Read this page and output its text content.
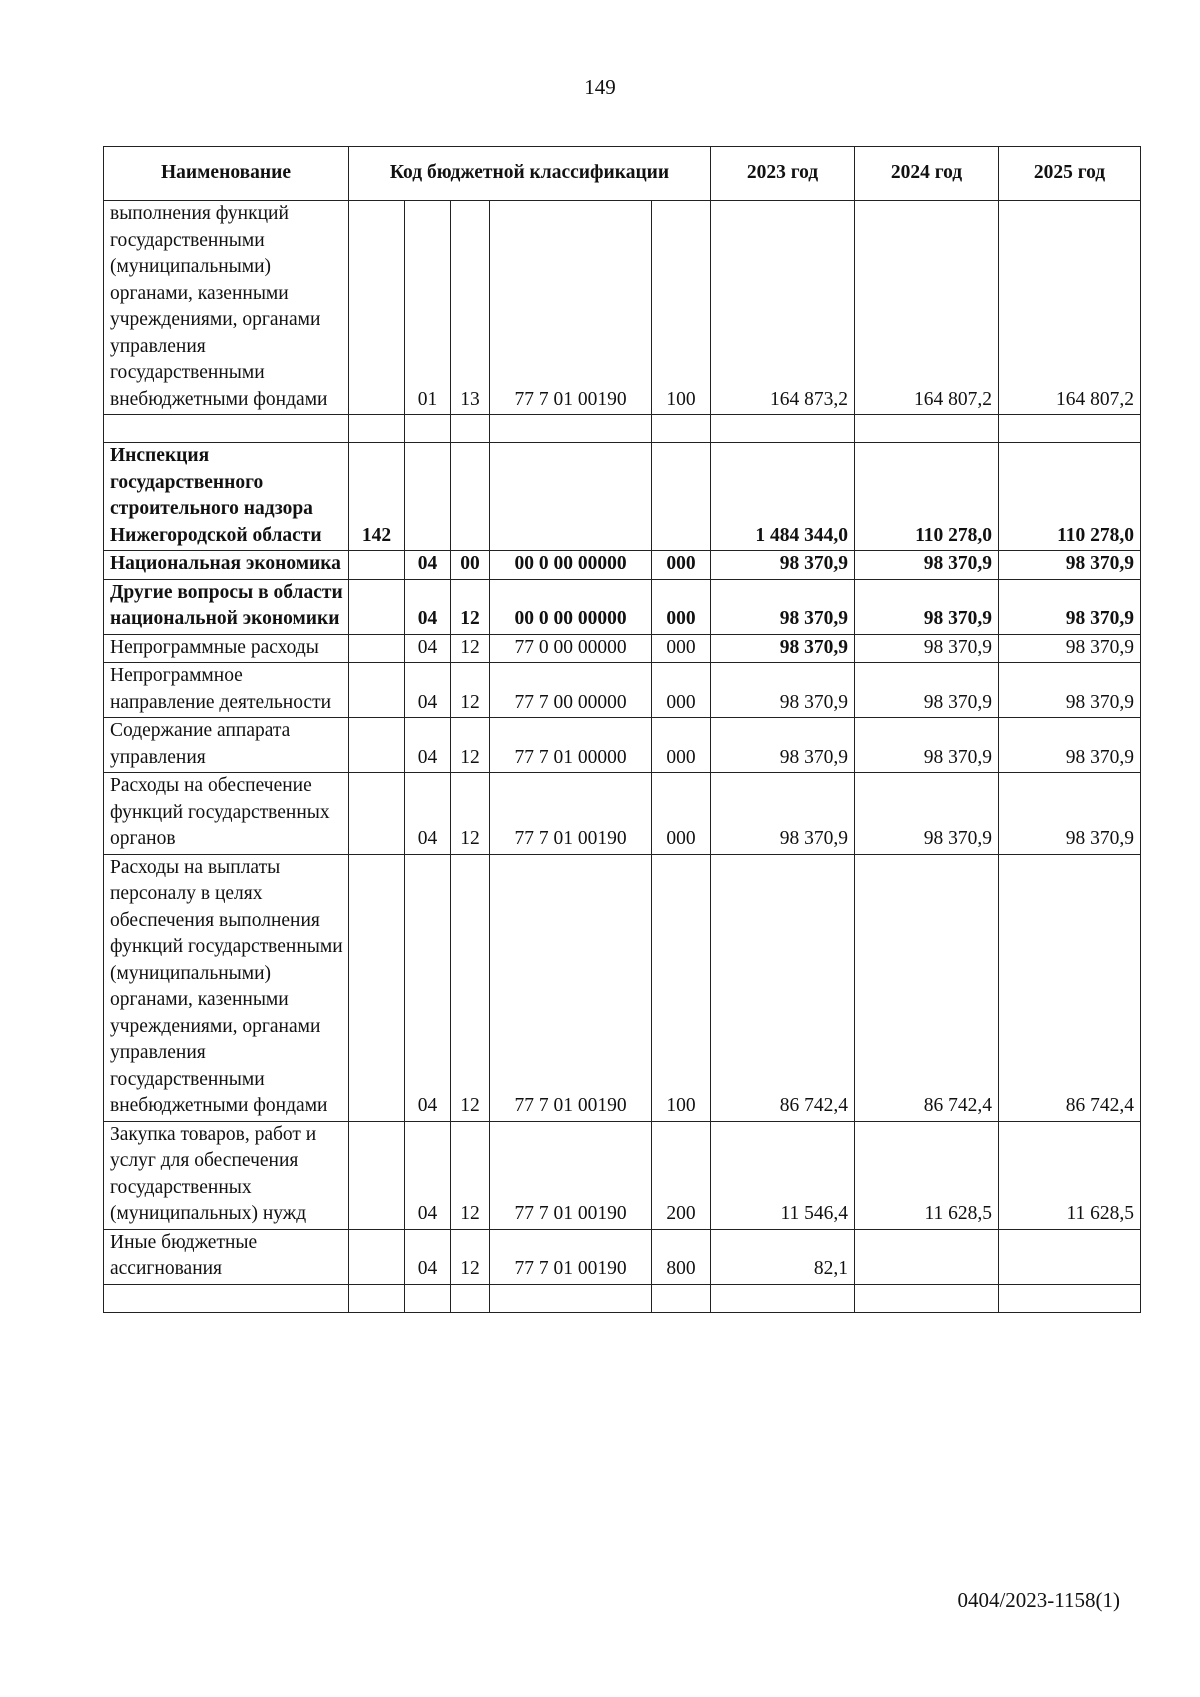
149
Наименование	Код бюджетной классификации					2023 год	2024 год	2025 год
выполнения функций государственными (муниципальными) органами, казенными учреждениями, органами управления государственными внебюджетными фондами		01	13	77 7 01 00190	100	164 873,2	164 807,2	164 807,2

Инспекция государственного строительного надзора Нижегородской области	142					1 484 344,0	110 278,0	110 278,0
Национальная экономика		04	00	00 0 00 00000	000	98 370,9	98 370,9	98 370,9
Другие вопросы в области национальной экономики		04	12	00 0 00 00000	000	98 370,9	98 370,9	98 370,9
Непрограммные расходы		04	12	77 0 00 00000	000	98 370,9	98 370,9	98 370,9
Непрограммное направление деятельности		04	12	77 7 00 00000	000	98 370,9	98 370,9	98 370,9
Содержание аппарата управления		04	12	77 7 01 00000	000	98 370,9	98 370,9	98 370,9
Расходы на обеспечение функций государственных органов		04	12	77 7 01 00190	000	98 370,9	98 370,9	98 370,9
Расходы на выплаты персоналу в целях обеспечения выполнения функций государственными (муниципальными) органами, казенными учреждениями, органами управления государственными внебюджетными фондами		04	12	77 7 01 00190	100	86 742,4	86 742,4	86 742,4
Закупка товаров, работ и услуг для обеспечения государственных (муниципальных) нужд		04	12	77 7 01 00190	200	11 546,4	11 628,5	11 628,5
Иные бюджетные ассигнования		04	12	77 7 01 00190	800	82,1		

0404/2023-1158(1)
